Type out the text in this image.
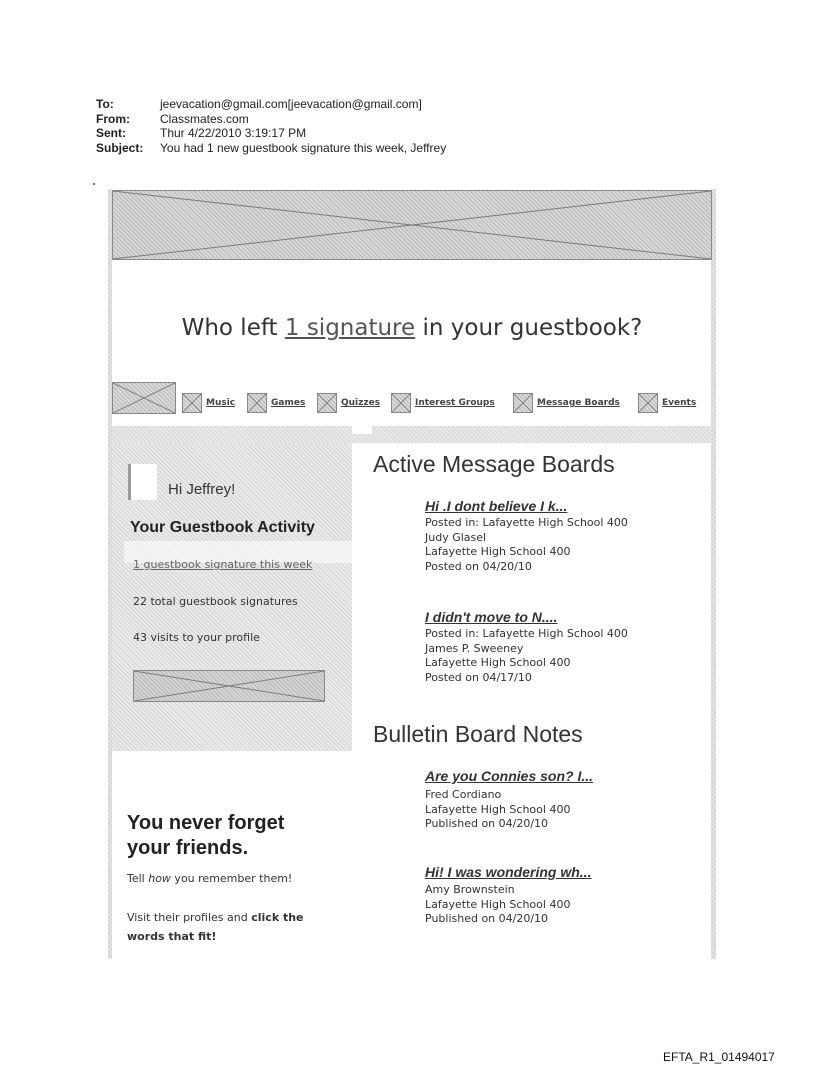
To:	jeevacation@gmail.com[jeevacation@gmail.com]
From:	Classmates.com
Sent:	Thur 4/22/2010 3:19:17 PM
Subject:	You had 1 new guestbook signature this week, Jeffrey
Who left 1 signature in your guestbook?
Music	Games	Quizzes	Interest Groups	Message Boards	Events
Hi Jeffrey!
Your Guestbook Activity
1 guestbook signature this week
22 total guestbook signatures
43 visits to your profile
You never forget
your friends.
Tell how you remember them!
Visit their profiles and click the
words that fit!
Active Message Boards
Hi .I dont believe I k...
Posted in: Lafayette High School 400
Judy Glasel
Lafayette High School 400
Posted on 04/20/10
I didn't move to N....
Posted in: Lafayette High School 400
James P. Sweeney
Lafayette High School 400
Posted on 04/17/10
Bulletin Board Notes
Are you Connies son? I...
Fred Cordiano
Lafayette High School 400
Published on 04/20/10
Hi! I was wondering wh...
Amy Brownstein
Lafayette High School 400
Published on 04/20/10
EFTA_R1_01494017
